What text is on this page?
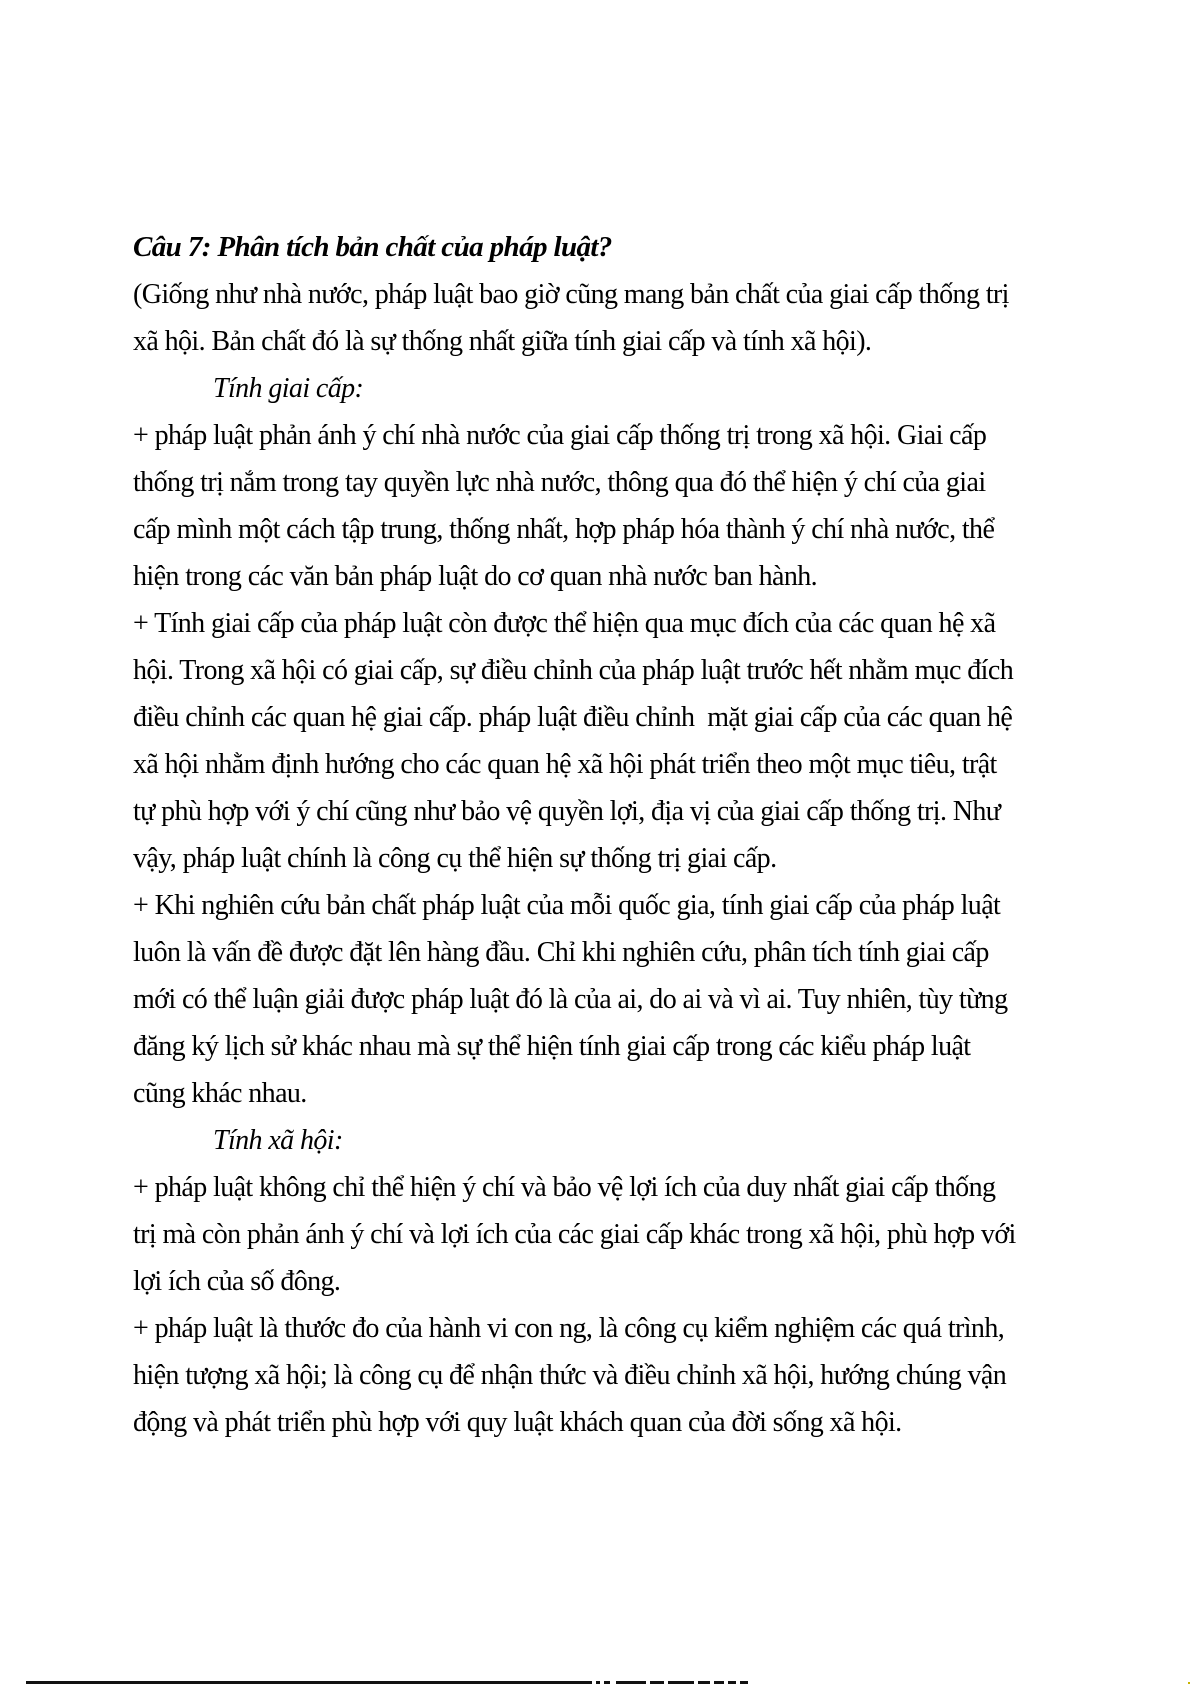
Câu 7: Phân tích bản chất của pháp luật?
(Giống như nhà nước, pháp luật bao giờ cũng mang bản chất của giai cấp thống trị
xã hội. Bản chất đó là sự thống nhất giữa tính giai cấp và tính xã hội).
Tính giai cấp:
+ pháp luật phản ánh ý chí nhà nước của giai cấp thống trị trong xã hội. Giai cấp
thống trị nắm trong tay quyền lực nhà nước, thông qua đó thể hiện ý chí của giai
cấp mình một cách tập trung, thống nhất, hợp pháp hóa thành ý chí nhà nước, thể
hiện trong các văn bản pháp luật do cơ quan nhà nước ban hành.
+ Tính giai cấp của pháp luật còn được thể hiện qua mục đích của các quan hệ xã
hội. Trong xã hội có giai cấp, sự điều chỉnh của pháp luật trước hết nhằm mục đích
điều chỉnh các quan hệ giai cấp. pháp luật điều chỉnh  mặt giai cấp của các quan hệ
xã hội nhằm định hướng cho các quan hệ xã hội phát triển theo một mục tiêu, trật
tự phù hợp với ý chí cũng như bảo vệ quyền lợi, địa vị của giai cấp thống trị. Như
vậy, pháp luật chính là công cụ thể hiện sự thống trị giai cấp.
+ Khi nghiên cứu bản chất pháp luật của mỗi quốc gia, tính giai cấp của pháp luật
luôn là vấn đề được đặt lên hàng đầu. Chỉ khi nghiên cứu, phân tích tính giai cấp
mới có thể luận giải được pháp luật đó là của ai, do ai và vì ai. Tuy nhiên, tùy từng
đăng ký lịch sử khác nhau mà sự thể hiện tính giai cấp trong các kiểu pháp luật
cũng khác nhau.
Tính xã hội:
+ pháp luật không chỉ thể hiện ý chí và bảo vệ lợi ích của duy nhất giai cấp thống
trị mà còn phản ánh ý chí và lợi ích của các giai cấp khác trong xã hội, phù hợp với
lợi ích của số đông.
+ pháp luật là thước đo của hành vi con ng, là công cụ kiểm nghiệm các quá trình,
hiện tượng xã hội; là công cụ để nhận thức và điều chỉnh xã hội, hướng chúng vận
động và phát triển phù hợp với quy luật khách quan của đời sống xã hội.
